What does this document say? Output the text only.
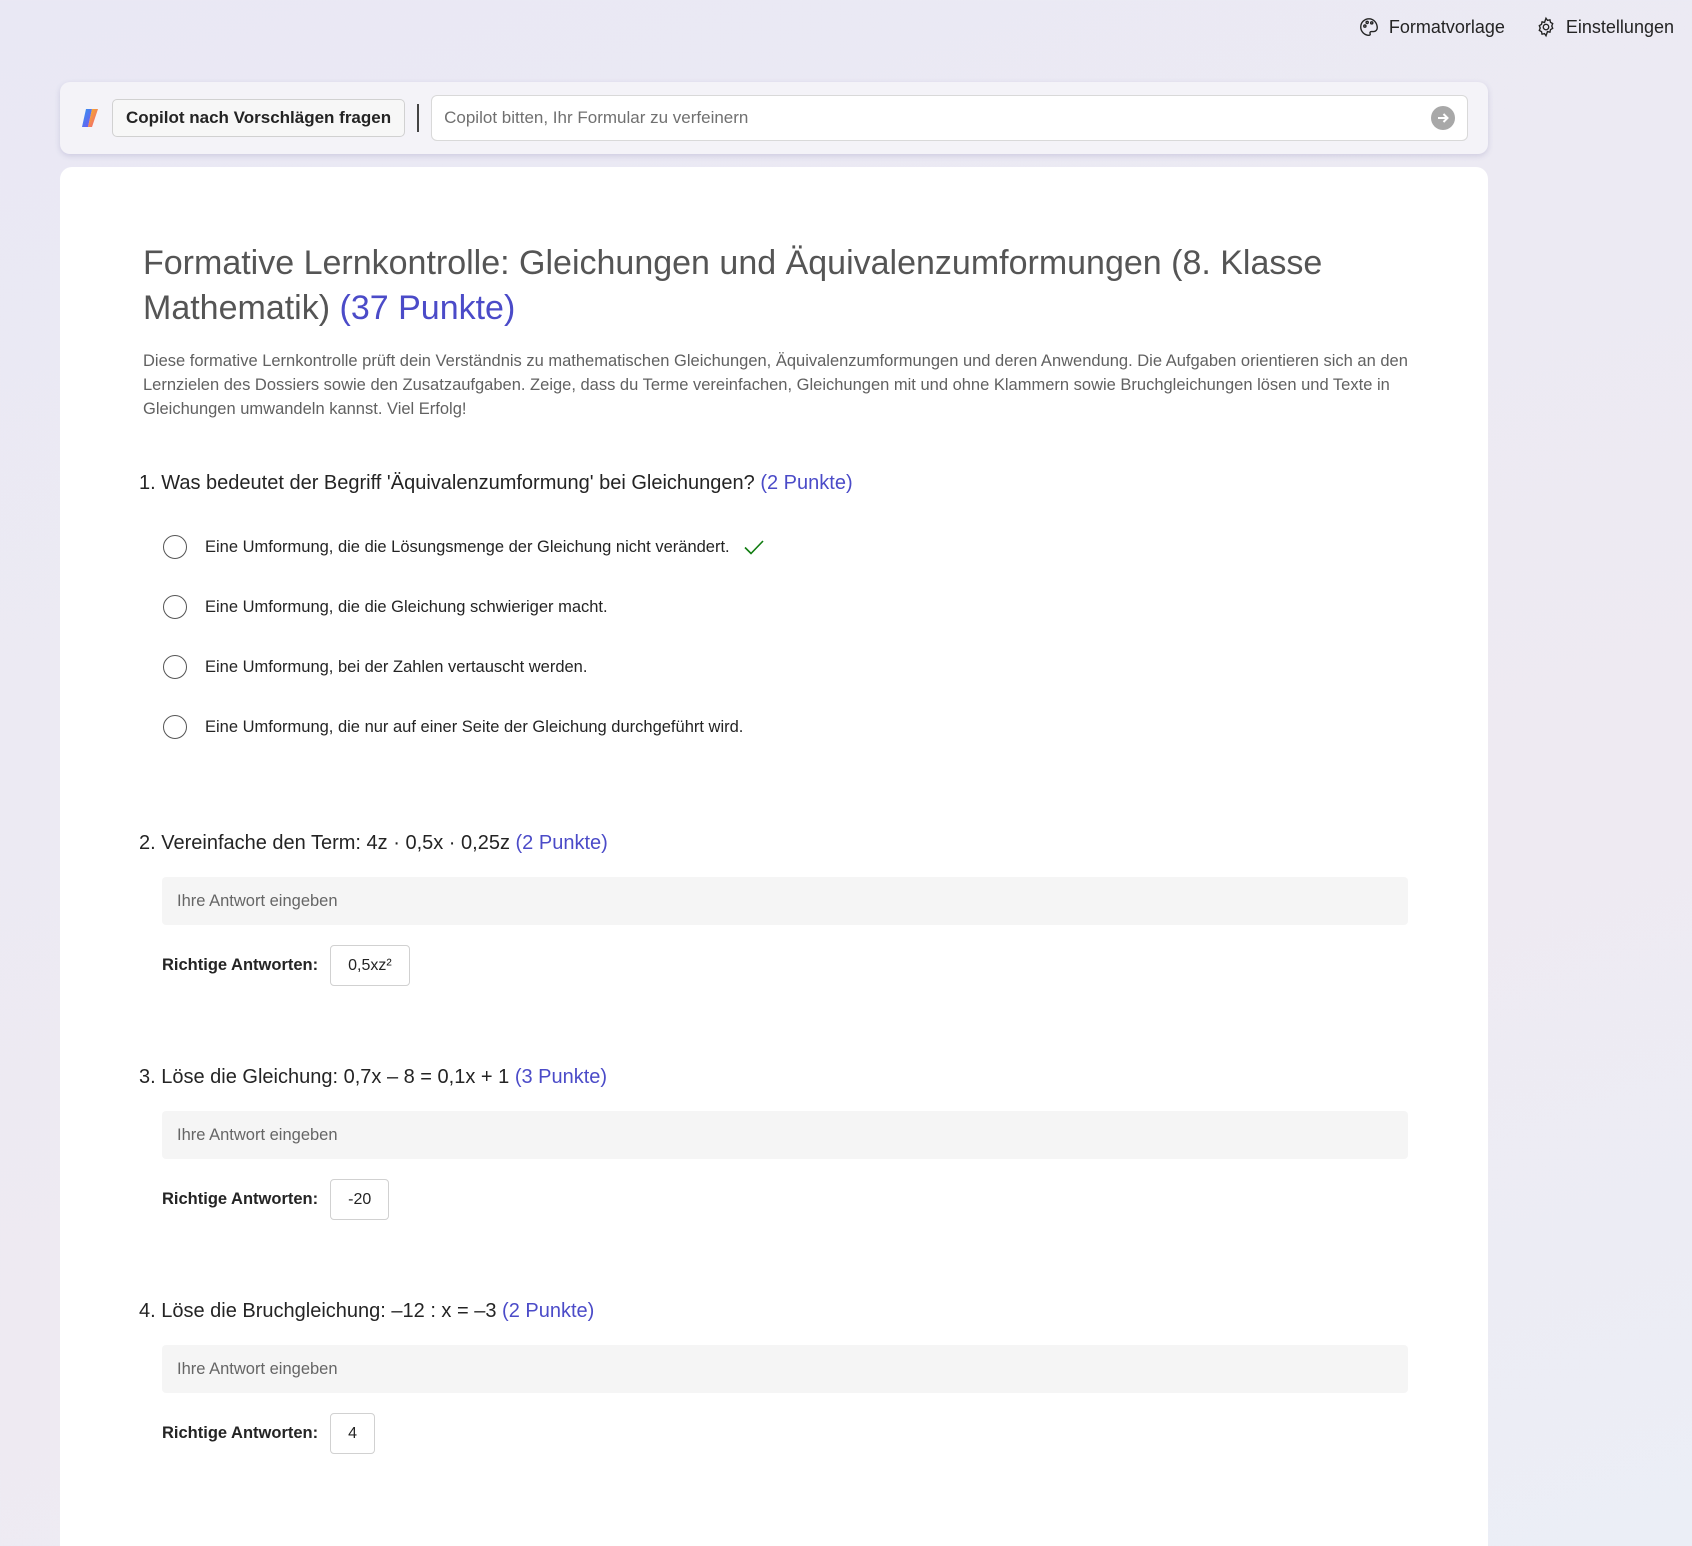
Formatvorlage	Einstellungen
Copilot nach Vorschlägen fragen
Copilot bitten, Ihr Formular zu verfeinern
Formative Lernkontrolle: Gleichungen und Äquivalenzumformungen (8. Klasse Mathematik) (37 Punkte)

Diese formative Lernkontrolle prüft dein Verständnis zu mathematischen Gleichungen, Äquivalenzumformungen und deren Anwendung. Die Aufgaben orientieren sich an den Lernzielen des Dossiers sowie den Zusatzaufgaben. Zeige, dass du Terme vereinfachen, Gleichungen mit und ohne Klammern sowie Bruchgleichungen lösen und Texte in Gleichungen umwandeln kannst. Viel Erfolg!

1. Was bedeutet der Begriff 'Äquivalenzumformung' bei Gleichungen? (2 Punkte)
Eine Umformung, die die Lösungsmenge der Gleichung nicht verändert.
Eine Umformung, die die Gleichung schwieriger macht.
Eine Umformung, bei der Zahlen vertauscht werden.
Eine Umformung, die nur auf einer Seite der Gleichung durchgeführt wird.
2. Vereinfache den Term: 4z · 0,5x · 0,25z (2 Punkte)
Ihre Antwort eingeben
Richtige Antworten:	0,5xz²
3. Löse die Gleichung: 0,7x – 8 = 0,1x + 1 (3 Punkte)
Ihre Antwort eingeben
Richtige Antworten:	-20
4. Löse die Bruchgleichung: –12 : x = –3 (2 Punkte)
Ihre Antwort eingeben
Richtige Antworten:	4
